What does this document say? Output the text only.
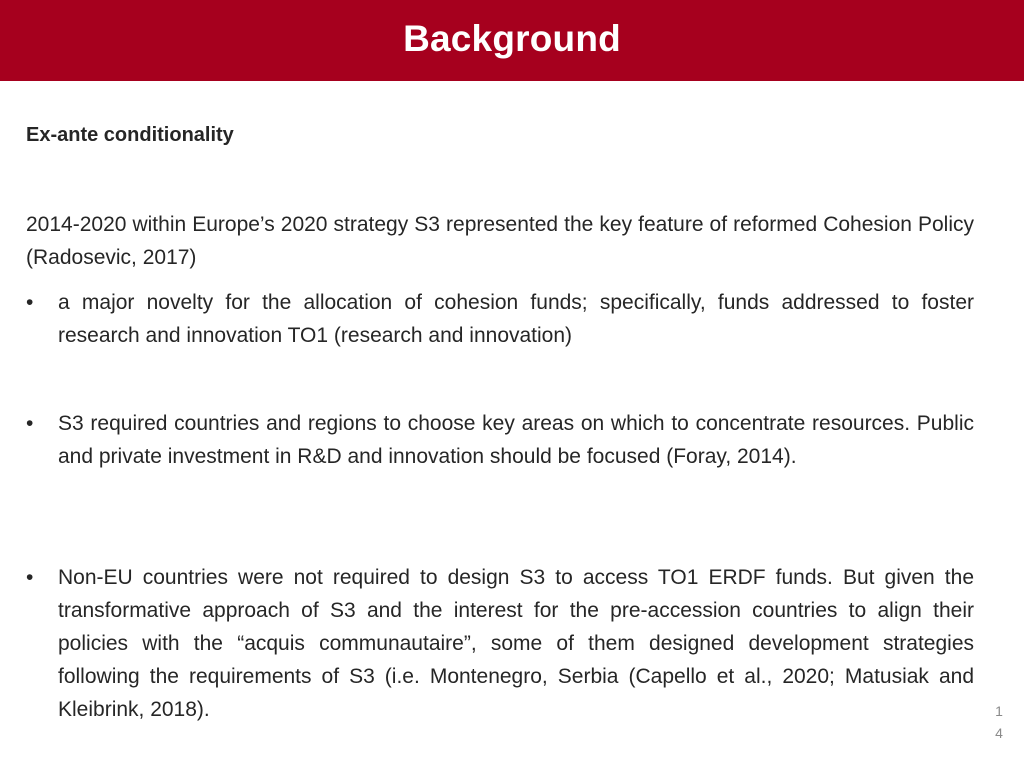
Background
Ex-ante conditionality

2014-2020 within Europe’s 2020 strategy S3 represented the key feature of reformed Cohesion Policy (Radosevic, 2017)

•	a major novelty for the allocation of cohesion funds; specifically, funds addressed to foster research and innovation TO1 (research and innovation)
•	S3 required countries and regions to choose key areas on which to concentrate resources. Public and private investment in R&D and innovation should be focused (Foray, 2014).
•	Non-EU countries were not required to design S3 to access TO1 ERDF funds. But given the transformative approach of S3 and the interest for the pre-accession countries to align their policies with the “acquis communautaire”, some of them designed development strategies following the requirements of S3 (i.e. Montenegro, Serbia (Capello et al., 2020; Matusiak and Kleibrink, 2018).	1
4
